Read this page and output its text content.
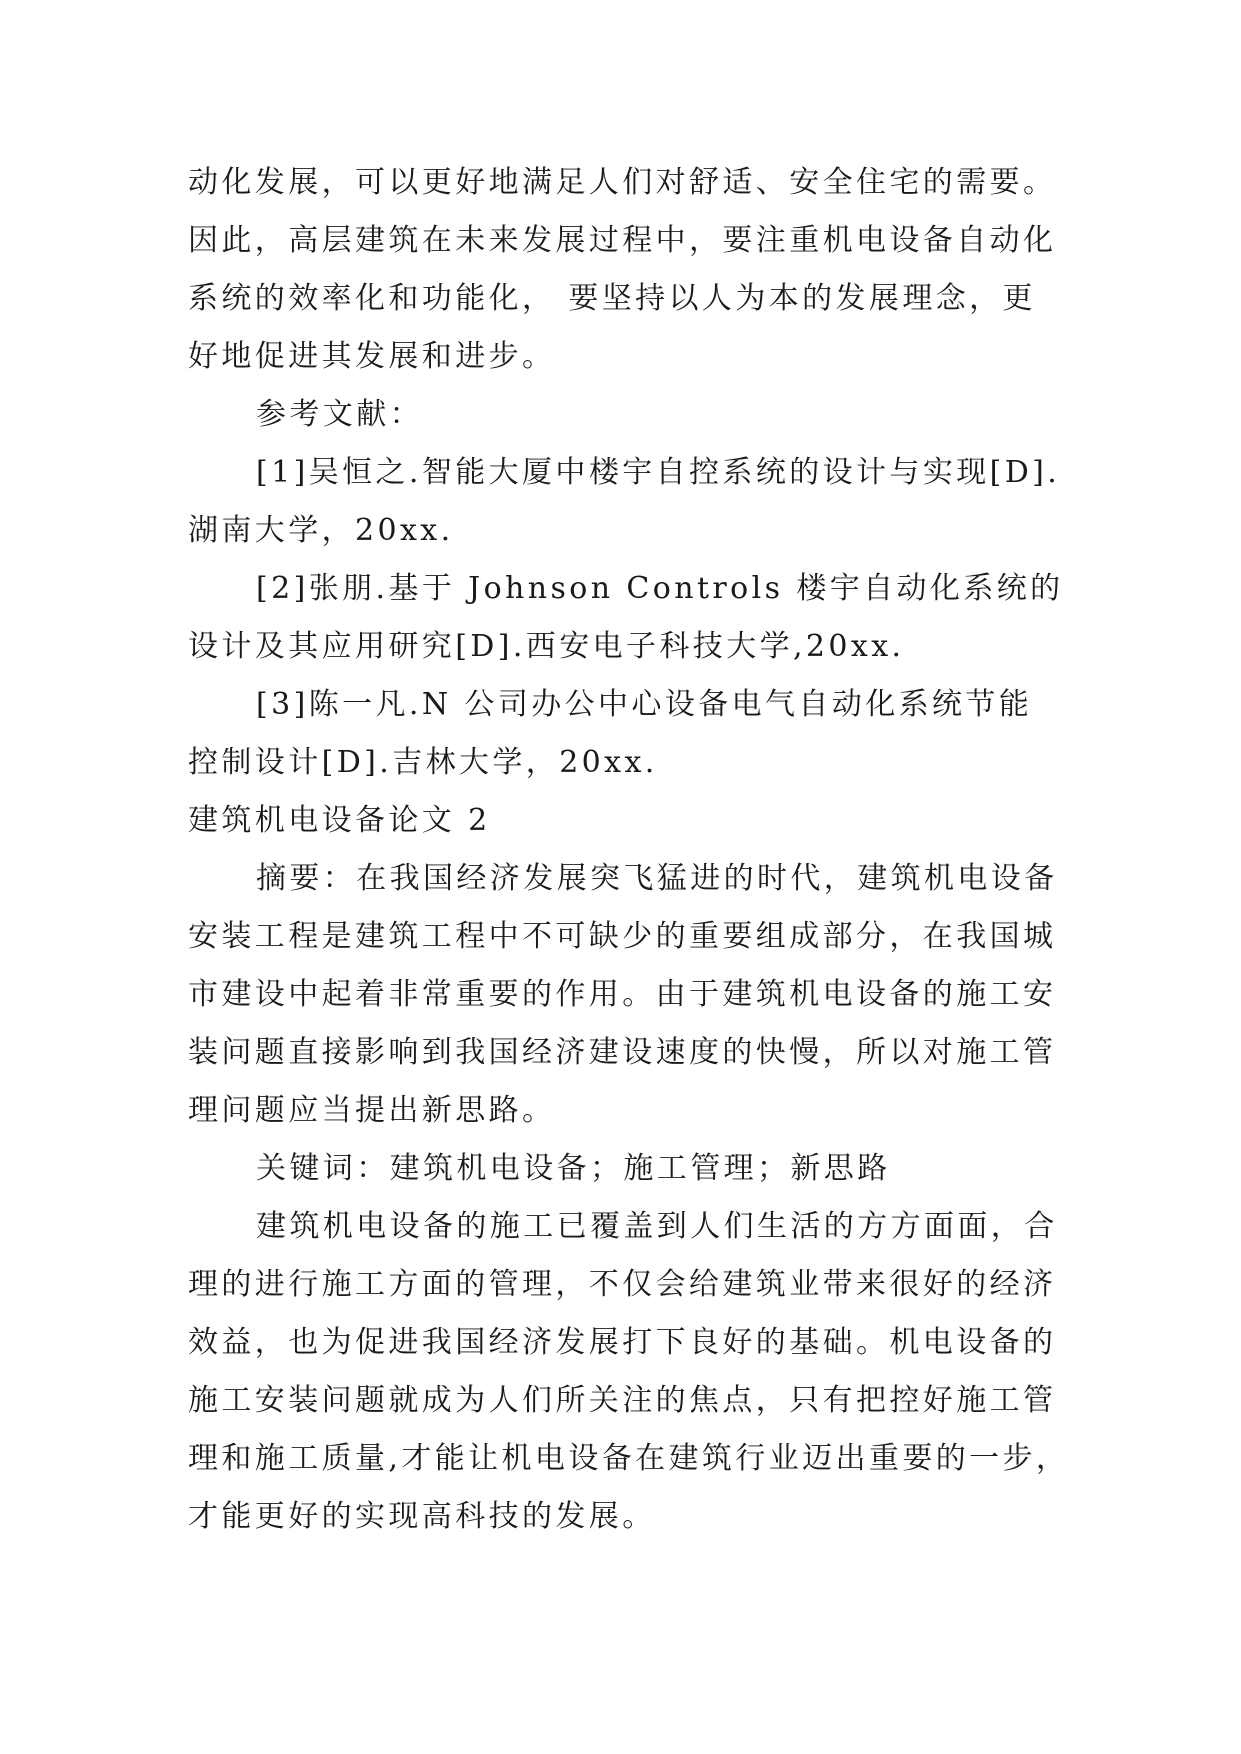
动化发展，可以更好地满足人们对舒适、安全住宅的需要。
因此，高层建筑在未来发展过程中，要注重机电设备自动化
系统的效率化和功能化， 要坚持以人为本的发展理念，更
好地促进其发展和进步。
参考文献：
[1]吴恒之.智能大厦中楼宇自控系统的设计与实现[D].
湖南大学，20xx.
[2]张朋.基于 Johnson Controls 楼宇自动化系统的
设计及其应用研究[D].西安电子科技大学,20xx.
[3]陈一凡.N 公司办公中心设备电气自动化系统节能
控制设计[D].吉林大学，20xx.
建筑机电设备论文 2
摘要：在我国经济发展突飞猛进的时代，建筑机电设备
安装工程是建筑工程中不可缺少的重要组成部分，在我国城
市建设中起着非常重要的作用。由于建筑机电设备的施工安
装问题直接影响到我国经济建设速度的快慢，所以对施工管
理问题应当提出新思路。
关键词：建筑机电设备；施工管理；新思路
建筑机电设备的施工已覆盖到人们生活的方方面面，合
理的进行施工方面的管理，不仅会给建筑业带来很好的经济
效益，也为促进我国经济发展打下良好的基础。机电设备的
施工安装问题就成为人们所关注的焦点，只有把控好施工管
理和施工质量,才能让机电设备在建筑行业迈出重要的一步，
才能更好的实现高科技的发展。
